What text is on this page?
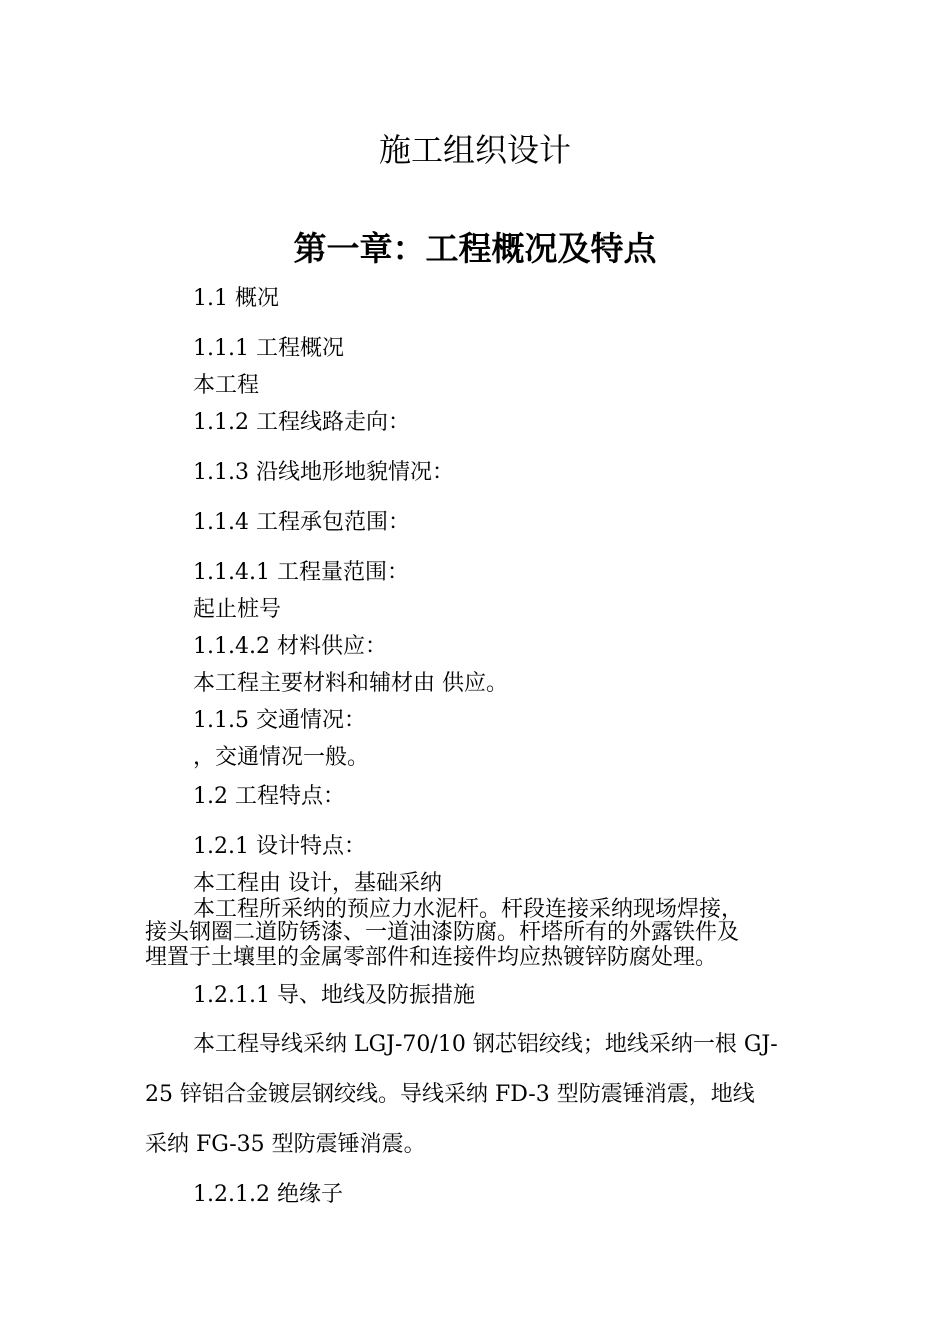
施工组织设计
第一章：工程概况及特点
1.1 概况
1.1.1 工程概况
本工程
1.1.2 工程线路走向：
1.1.3 沿线地形地貌情况：
1.1.4 工程承包范围：
1.1.4.1 工程量范围：
起止桩号
1.1.4.2 材料供应：
本工程主要材料和辅材由 供应。
1.1.5 交通情况：
，交通情况一般。
1.2 工程特点：
1.2.1 设计特点：
本工程由 设计，基础采纳
本工程所采纳的预应力水泥杆。杆段连接采纳现场焊接，
接头钢圈二道防锈漆、一道油漆防腐。杆塔所有的外露铁件及
埋置于土壤里的金属零部件和连接件均应热镀锌防腐处理。
1.2.1.1 导、地线及防振措施
本工程导线采纳 LGJ-70/10 钢芯铝绞线；地线采纳一根 GJ-
25 锌铝合金镀层钢绞线。导线采纳 FD-3 型防震锤消震，地线
采纳 FG-35 型防震锤消震。
1.2.1.2 绝缘子
